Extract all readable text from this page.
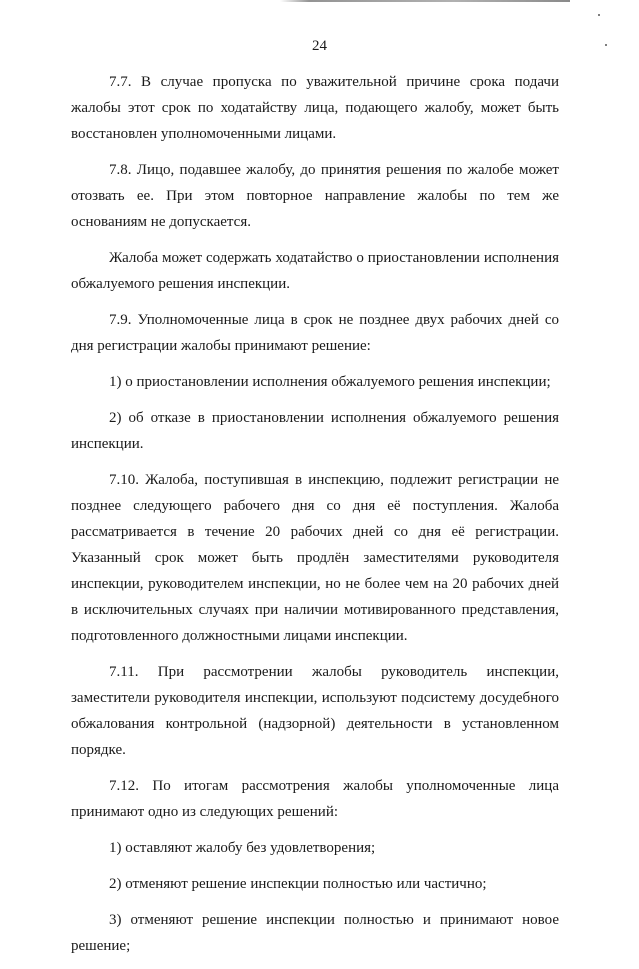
24

7.7. В случае пропуска по уважительной причине срока подачи жалобы этот срок по ходатайству лица, подающего жалобу, может быть восстановлен уполномоченными лицами.

7.8. Лицо, подавшее жалобу, до принятия решения по жалобе может отозвать ее. При этом повторное направление жалобы по тем же основаниям не допускается.

Жалоба может содержать ходатайство о приостановлении исполнения обжалуемого решения инспекции.

7.9. Уполномоченные лица в срок не позднее двух рабочих дней со дня регистрации жалобы принимают решение:

1) о приостановлении исполнения обжалуемого решения инспекции;

2) об отказе в приостановлении исполнения обжалуемого решения инспекции.

7.10. Жалоба, поступившая в инспекцию, подлежит регистрации не позднее следующего рабочего дня со дня её поступления. Жалоба рассматривается в течение 20 рабочих дней со дня её регистрации. Указанный срок может быть продлён заместителями руководителя инспекции, руководителем инспекции, но не более чем на 20 рабочих дней в исключительных случаях при наличии мотивированного представления, подготовленного должностными лицами инспекции.

7.11. При рассмотрении жалобы руководитель инспекции, заместители руководителя инспекции, используют подсистему досудебного обжалования контрольной (надзорной) деятельности в установленном порядке.

7.12. По итогам рассмотрения жалобы уполномоченные лица принимают одно из следующих решений:

1) оставляют жалобу без удовлетворения;

2) отменяют решение инспекции полностью или частично;

3) отменяют решение инспекции полностью и принимают новое решение;
